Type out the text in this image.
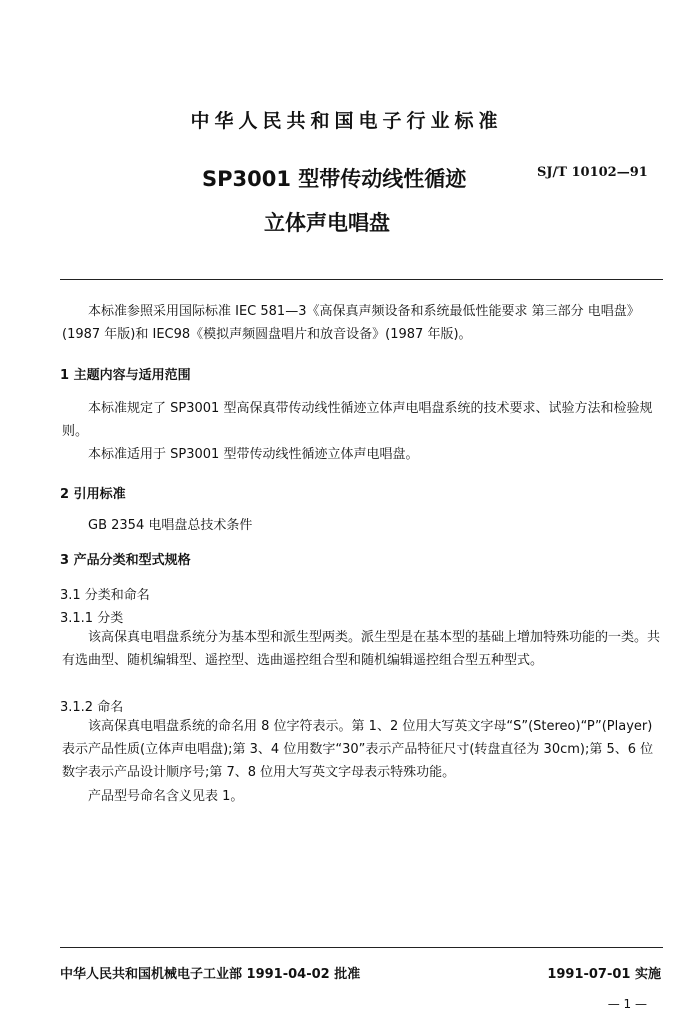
中华人民共和国电子行业标准
SP3001 型带传动线性循迹	SJ/T 10102—91
立体声电唱盘
本标准参照采用国际标准 IEC 581—3《高保真声频设备和系统最低性能要求 第三部分 电唱盘》(1987 年版)和 IEC98《模拟声频圆盘唱片和放音设备》(1987 年版)。
1 主题内容与适用范围
本标准规定了 SP3001 型高保真带传动线性循迹立体声电唱盘系统的技术要求、试验方法和检验规则。
本标准适用于 SP3001 型带传动线性循迹立体声电唱盘。
2 引用标准
GB 2354 电唱盘总技术条件
3 产品分类和型式规格
3.1 分类和命名
3.1.1 分类
该高保真电唱盘系统分为基本型和派生型两类。派生型是在基本型的基础上增加特殊功能的一类。共有选曲型、随机编辑型、遥控型、选曲遥控组合型和随机编辑遥控组合型五种型式。
3.1.2 命名
该高保真电唱盘系统的命名用 8 位字符表示。第 1、2 位用大写英文字母“S”(Stereo)“P”(Player)表示产品性质(立体声电唱盘);第 3、4 位用数字“30”表示产品特征尺寸(转盘直径为 30cm);第 5、6 位数字表示产品设计顺序号;第 7、8 位用大写英文字母表示特殊功能。
产品型号命名含义见表 1。
中华人民共和国机械电子工业部 1991-04-02 批准	1991-07-01 实施
— 1 —
